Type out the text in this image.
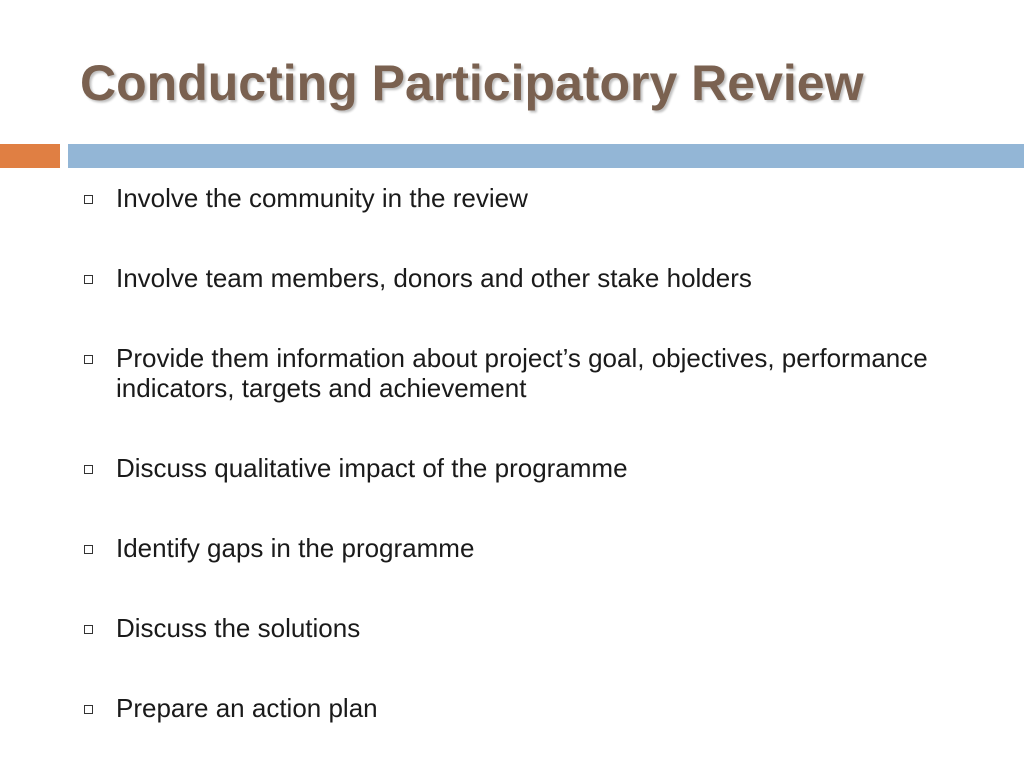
Conducting Participatory Review
Involve the community in the review
Involve team members, donors and other stake holders
Provide them information about project’s goal, objectives, performance indicators, targets and achievement
Discuss qualitative impact of the programme
Identify gaps in the programme
Discuss the solutions
Prepare an action plan
